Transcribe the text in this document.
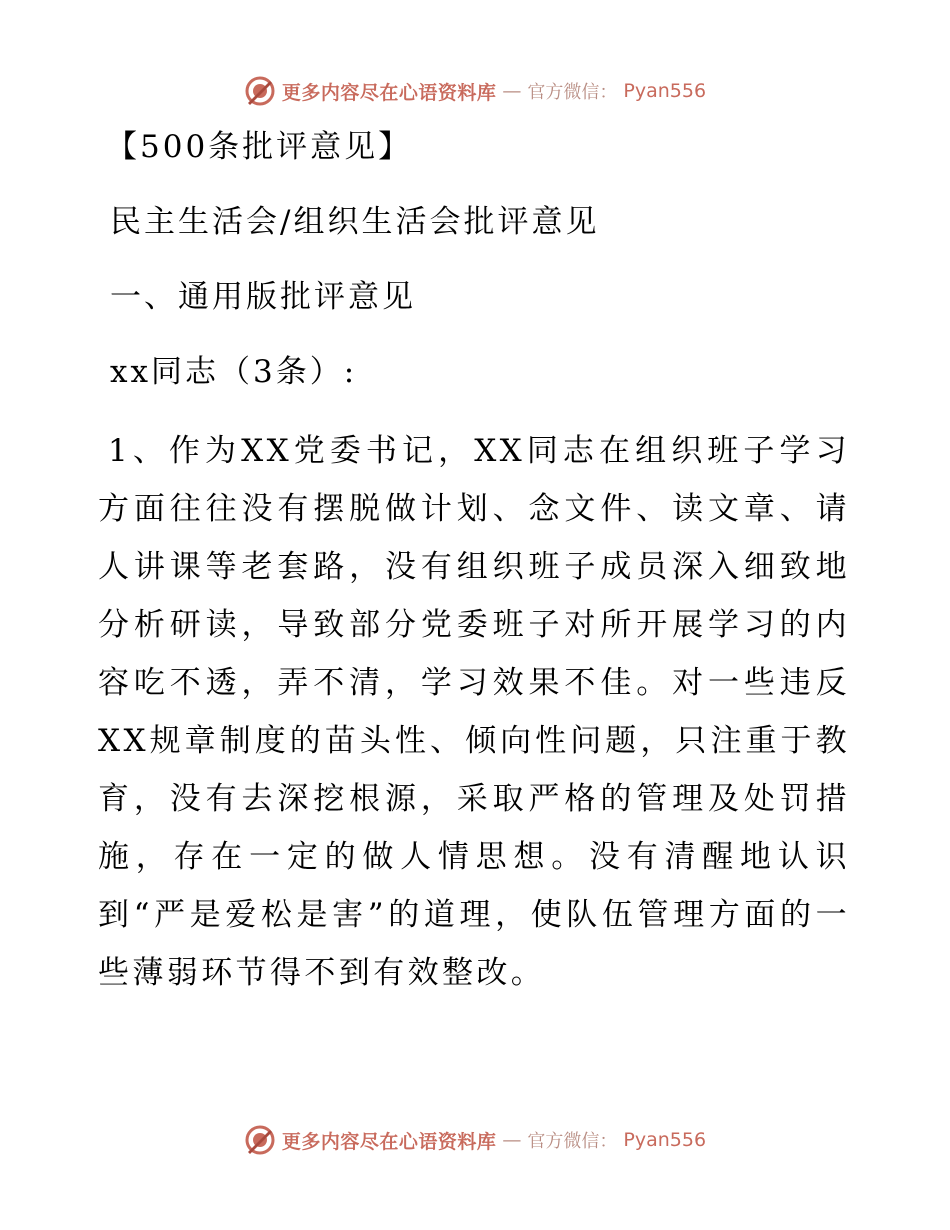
更多内容尽在心语资料库 — 官方微信： Pyan556

【500条批评意见】

民主生活会/组织生活会批评意见

一、通用版批评意见

xx同志（3条）:

1、作为XX党委书记，XX同志在组织班子学习方面往往没有摆脱做计划、念文件、读文章、请人讲课等老套路，没有组织班子成员深入细致地分析研读，导致部分党委班子对所开展学习的内容吃不透，弄不清，学习效果不佳。对一些违反XX规章制度的苗头性、倾向性问题，只注重于教育，没有去深挖根源，采取严格的管理及处罚措施，存在一定的做人情思想。没有清醒地认识到“严是爱松是害”的道理，使队伍管理方面的一些薄弱环节得不到有效整改。

更多内容尽在心语资料库 — 官方微信： Pyan556
